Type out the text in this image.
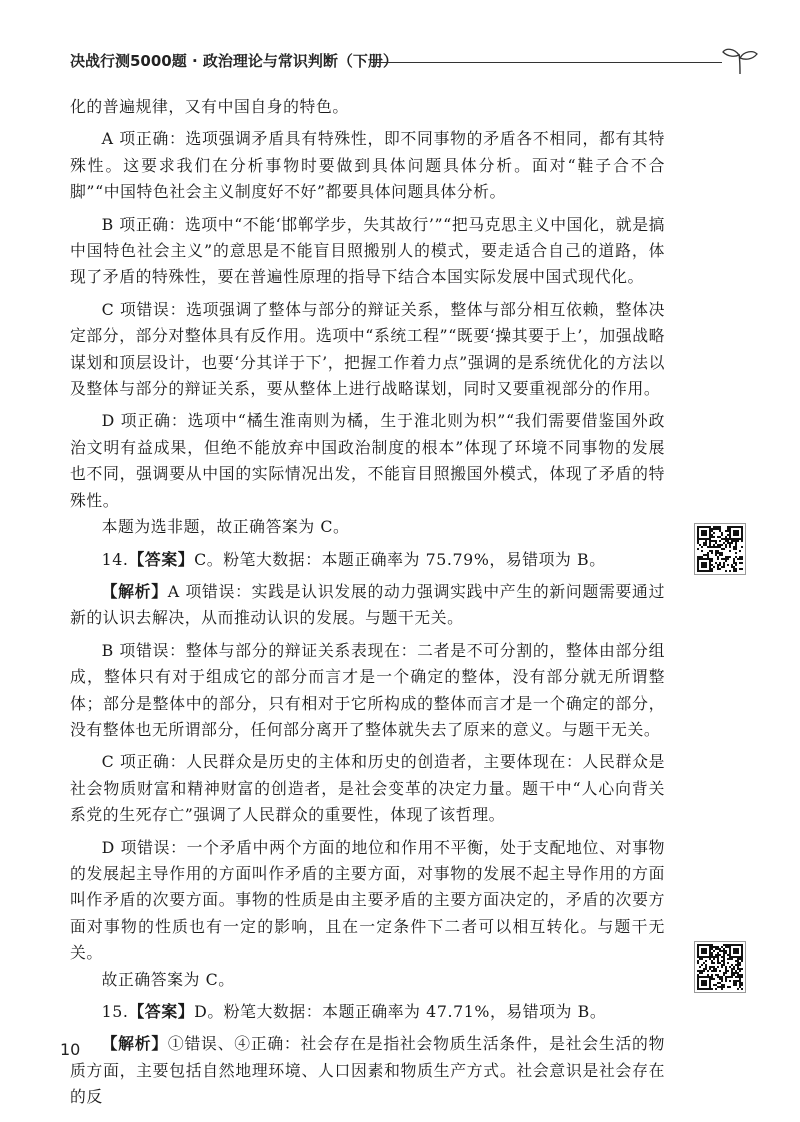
决战行测5000题 · 政治理论与常识判断（下册）

化的普遍规律，又有中国自身的特色。

A 项正确：选项强调矛盾具有特殊性，即不同事物的矛盾各不相同，都有其特殊性。这要求我们在分析事物时要做到具体问题具体分析。面对“鞋子合不合脚”“中国特色社会主义制度好不好”都要具体问题具体分析。

B 项正确：选项中“不能‘邯郸学步，失其故行’”“把马克思主义中国化，就是搞中国特色社会主义”的意思是不能盲目照搬别人的模式，要走适合自己的道路，体现了矛盾的特殊性，要在普遍性原理的指导下结合本国实际发展中国式现代化。

C 项错误：选项强调了整体与部分的辩证关系，整体与部分相互依赖，整体决定部分，部分对整体具有反作用。选项中“系统工程”“既要‘操其要于上’，加强战略谋划和顶层设计，也要‘分其详于下’，把握工作着力点”强调的是系统优化的方法以及整体与部分的辩证关系，要从整体上进行战略谋划，同时又要重视部分的作用。

D 项正确：选项中“橘生淮南则为橘，生于淮北则为枳”“我们需要借鉴国外政治文明有益成果，但绝不能放弃中国政治制度的根本”体现了环境不同事物的发展也不同，强调要从中国的实际情况出发，不能盲目照搬国外模式，体现了矛盾的特殊性。

本题为选非题，故正确答案为 C。

14.【答案】C。粉笔大数据：本题正确率为 75.79%，易错项为 B。

【解析】A 项错误：实践是认识发展的动力强调实践中产生的新问题需要通过新的认识去解决，从而推动认识的发展。与题干无关。

B 项错误：整体与部分的辩证关系表现在：二者是不可分割的，整体由部分组成，整体只有对于组成它的部分而言才是一个确定的整体，没有部分就无所谓整体；部分是整体中的部分，只有相对于它所构成的整体而言才是一个确定的部分，没有整体也无所谓部分，任何部分离开了整体就失去了原来的意义。与题干无关。

C 项正确：人民群众是历史的主体和历史的创造者，主要体现在：人民群众是社会物质财富和精神财富的创造者，是社会变革的决定力量。题干中“人心向背关系党的生死存亡”强调了人民群众的重要性，体现了该哲理。

D 项错误：一个矛盾中两个方面的地位和作用不平衡，处于支配地位、对事物的发展起主导作用的方面叫作矛盾的主要方面，对事物的发展不起主导作用的方面叫作矛盾的次要方面。事物的性质是由主要矛盾的主要方面决定的，矛盾的次要方面对事物的性质也有一定的影响，且在一定条件下二者可以相互转化。与题干无关。

故正确答案为 C。

15.【答案】D。粉笔大数据：本题正确率为 47.71%，易错项为 B。

【解析】①错误、④正确：社会存在是指社会物质生活条件，是社会生活的物质方面，主要包括自然地理环境、人口因素和物质生产方式。社会意识是社会存在的反

10
